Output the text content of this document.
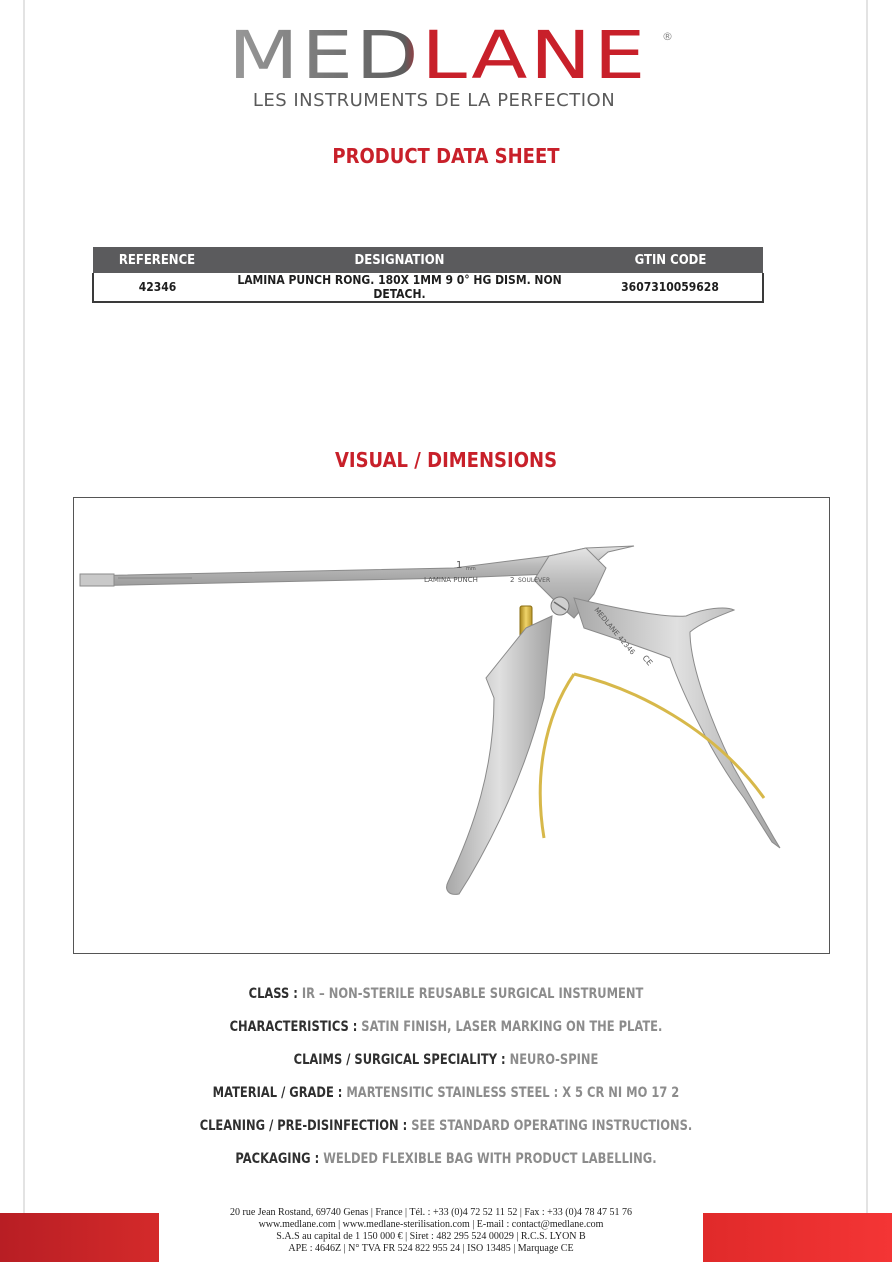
MEDLANE ®
LES INSTRUMENTS DE LA PERFECTION
PRODUCT DATA SHEET
REFERENCE	DESIGNATION	GTIN CODE
42346	LAMINA PUNCH RONG. 180X 1MM 9 0° HG DISM. NON DETACH.	3607310059628
VISUAL / DIMENSIONS
1 mm
LAMINA PUNCH	2 SOULEVER
MEDLANE 42346
CE
CLASS : IR – NON-STERILE REUSABLE SURGICAL INSTRUMENT
CHARACTERISTICS : SATIN FINISH, LASER MARKING ON THE PLATE.
CLAIMS / SURGICAL SPECIALITY : NEURO-SPINE
MATERIAL / GRADE : MARTENSITIC STAINLESS STEEL : X 5 CR NI MO 17 2
CLEANING / PRE-DISINFECTION : SEE STANDARD OPERATING INSTRUCTIONS.
PACKAGING : WELDED FLEXIBLE BAG WITH PRODUCT LABELLING.
20 rue Jean Rostand, 69740 Genas | France | Tél. : +33 (0)4 72 52 11 52 | Fax : +33 (0)4 78 47 51 76
www.medlane.com | www.medlane-sterilisation.com | E-mail : contact@medlane.com
S.A.S au capital de 1 150 000 € | Siret : 482 295 524 00029 | R.C.S. LYON B
APE : 4646Z | N° TVA FR 524 822 955 24 | ISO 13485 | Marquage CE
